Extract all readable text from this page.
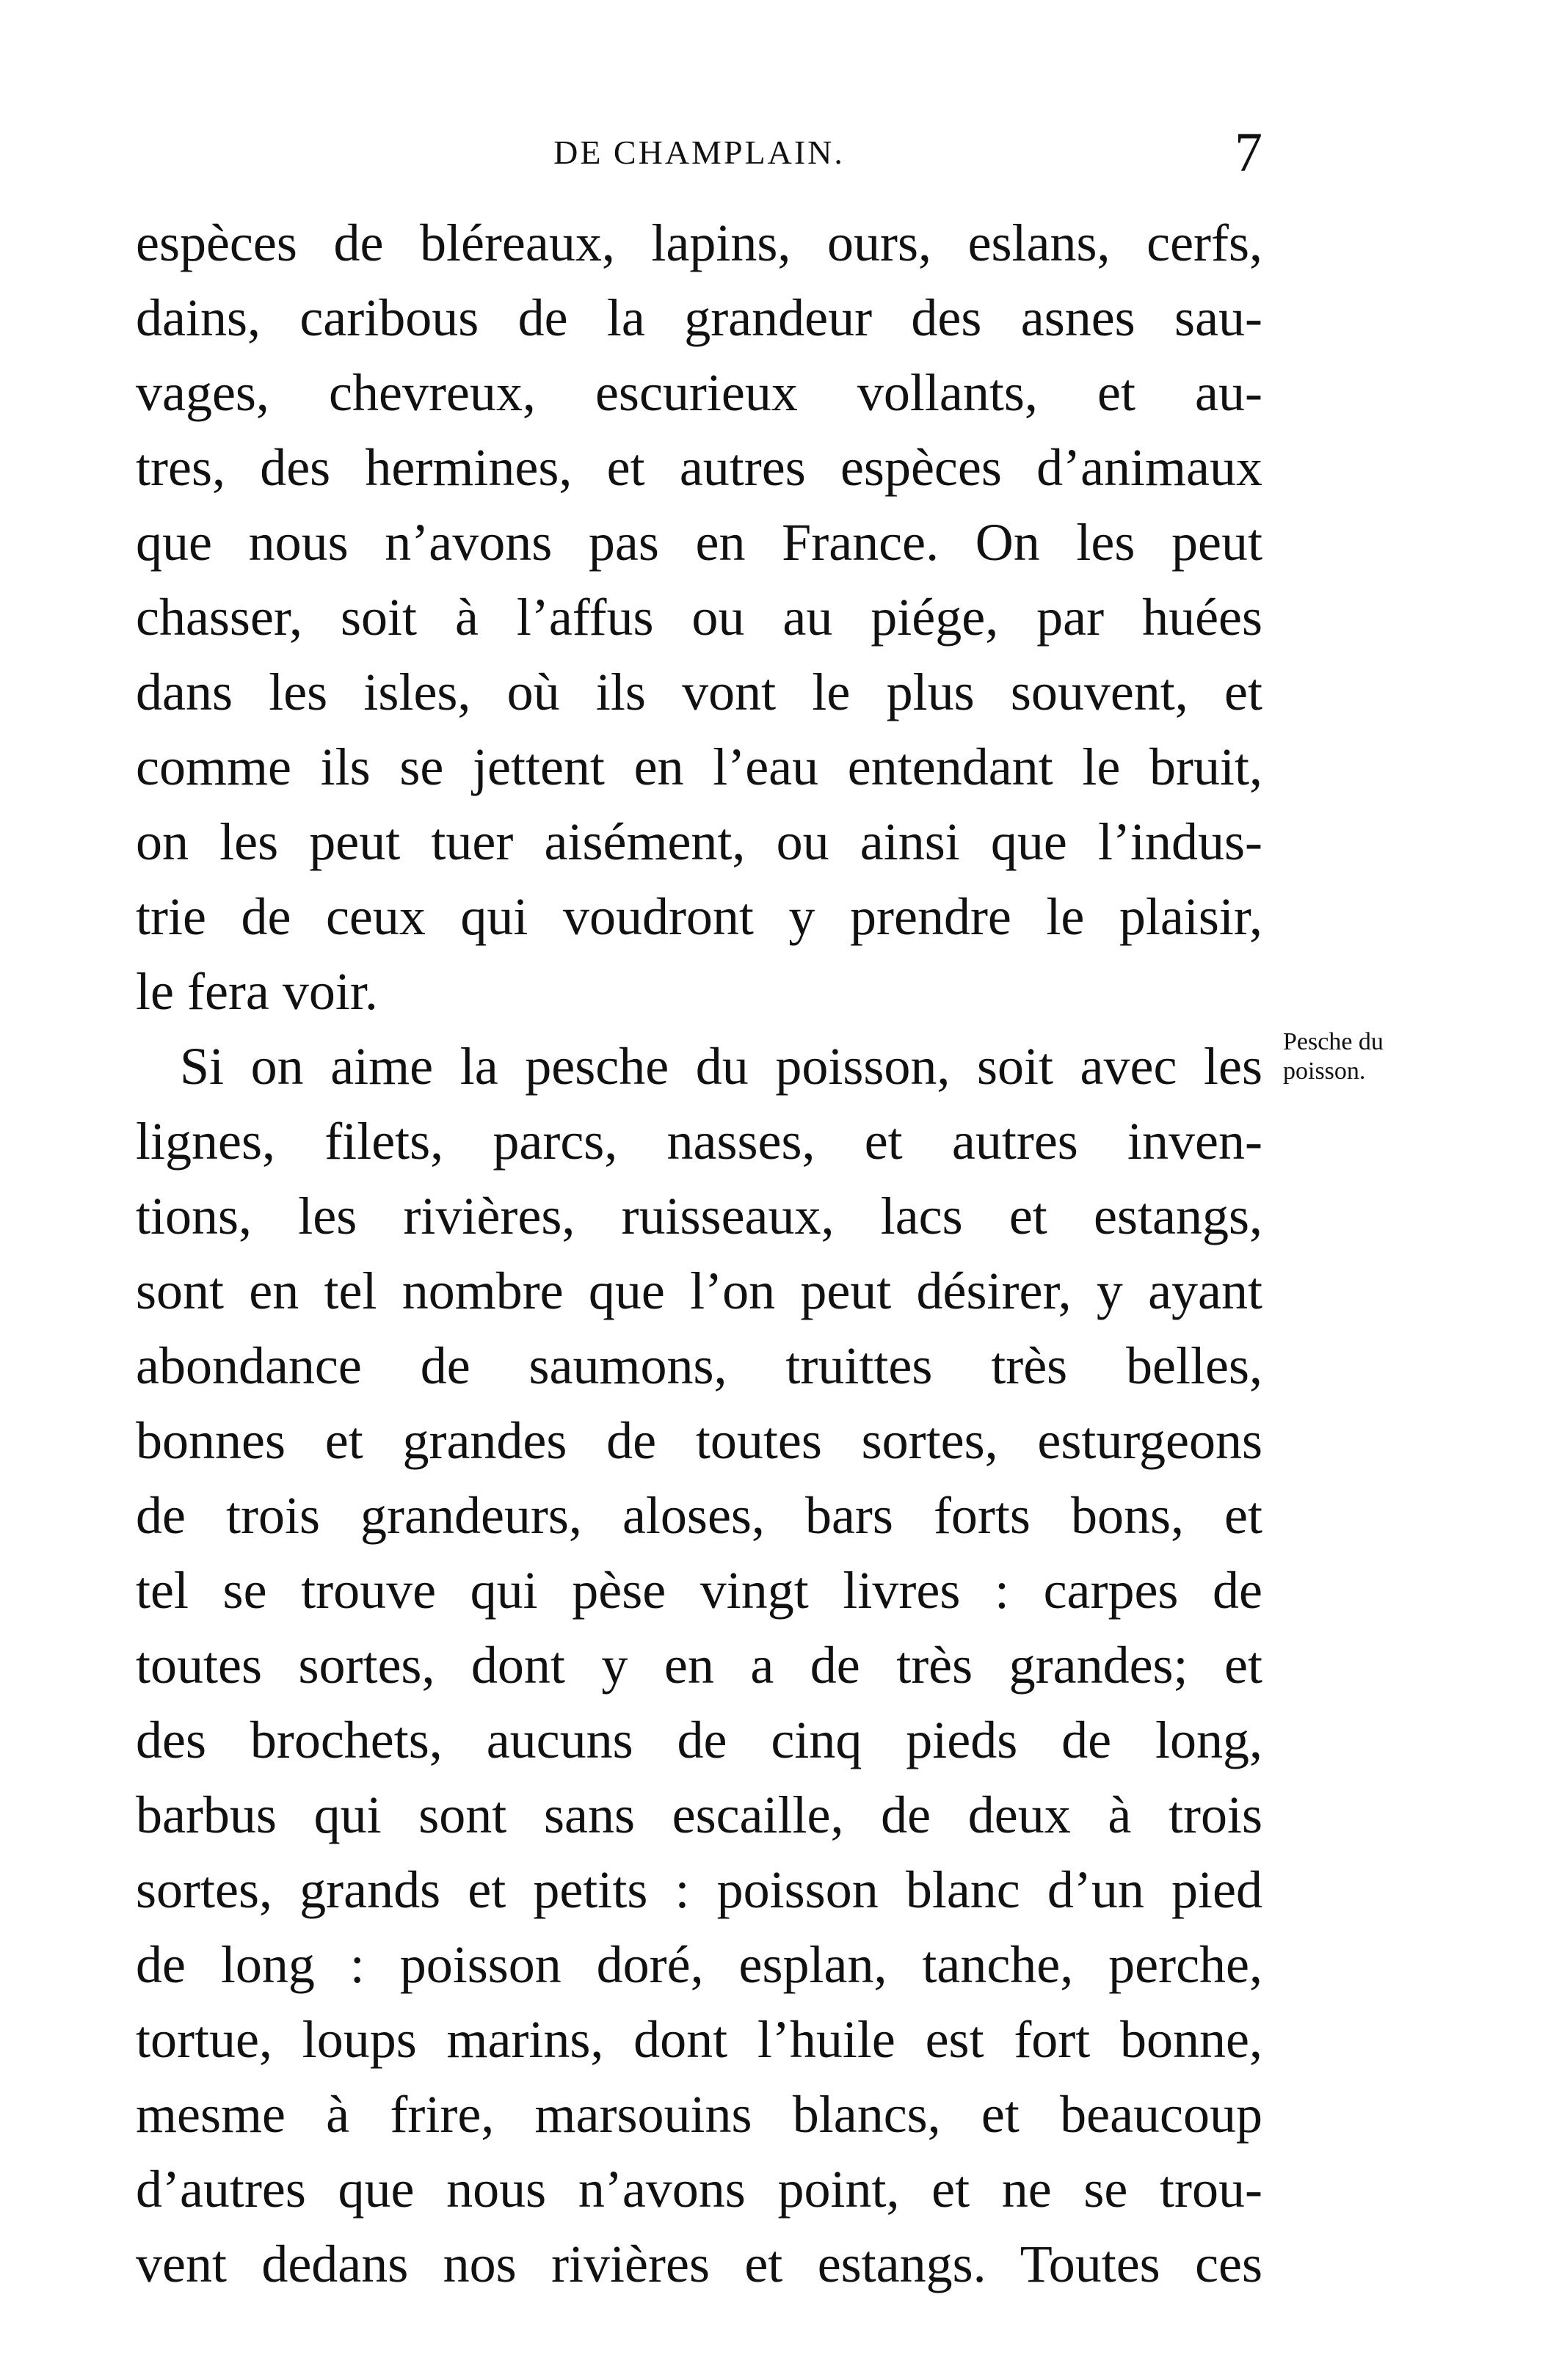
DE CHAMPLAIN.	7
espèces de bléreaux, lapins, ours, eslans, cerfs,
dains, caribous de la grandeur des asnes sau-
vages, chevreux, escurieux vollants, et au-
tres, des hermines, et autres espèces d’animaux
que nous n’avons pas en France. On les peut
chasser, soit à l’affus ou au piége, par huées
dans les isles, où ils vont le plus souvent, et
comme ils se jettent en l’eau entendant le bruit,
on les peut tuer aisément, ou ainsi que l’indus-
trie de ceux qui voudront y prendre le plaisir,
le fera voir.
Si on aime la pesche du poisson, soit avec les
lignes, filets, parcs, nasses, et autres inven-
tions, les rivières, ruisseaux, lacs et estangs,
sont en tel nombre que l’on peut désirer, y ayant
abondance de saumons, truittes très belles,
bonnes et grandes de toutes sortes, esturgeons
de trois grandeurs, aloses, bars forts bons, et
tel se trouve qui pèse vingt livres : carpes de
toutes sortes, dont y en a de très grandes; et
des brochets, aucuns de cinq pieds de long,
barbus qui sont sans escaille, de deux à trois
sortes, grands et petits : poisson blanc d’un pied
de long : poisson doré, esplan, tanche, perche,
tortue, loups marins, dont l’huile est fort bonne,
mesme à frire, marsouins blancs, et beaucoup
d’autres que nous n’avons point, et ne se trou-
vent dedans nos rivières et estangs. Toutes ces
Pesche du
poisson.
